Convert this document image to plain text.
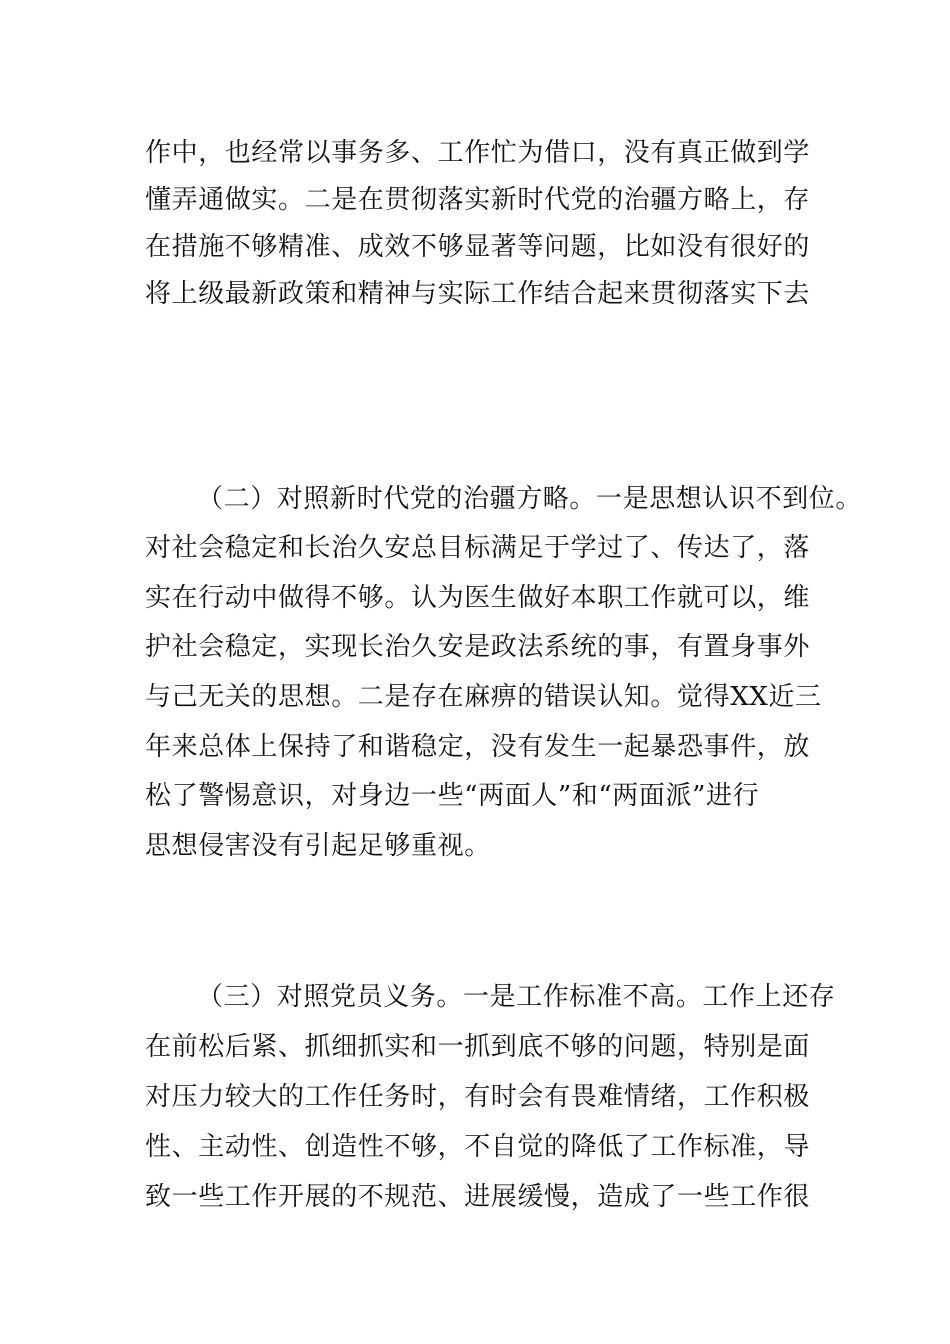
作中，也经常以事务多、工作忙为借口，没有真正做到学
懂弄通做实。二是在贯彻落实新时代党的治疆方略上，存
在措施不够精准、成效不够显著等问题，比如没有很好的
将上级最新政策和精神与实际工作结合起来贯彻落实下去
（二）对照新时代党的治疆方略。一是思想认识不到位。
对社会稳定和长治久安总目标满足于学过了、传达了，落
实在行动中做得不够。认为医生做好本职工作就可以，维
护社会稳定，实现长治久安是政法系统的事，有置身事外
与己无关的思想。二是存在麻痹的错误认知。觉得XX近三
年来总体上保持了和谐稳定，没有发生一起暴恐事件，放
松了警惕意识，对身边一些“两面人”和“两面派”进行
思想侵害没有引起足够重视。
（三）对照党员义务。一是工作标准不高。工作上还存
在前松后紧、抓细抓实和一抓到底不够的问题，特别是面
对压力较大的工作任务时，有时会有畏难情绪，工作积极
性、主动性、创造性不够，不自觉的降低了工作标准，导
致一些工作开展的不规范、进展缓慢，造成了一些工作很
